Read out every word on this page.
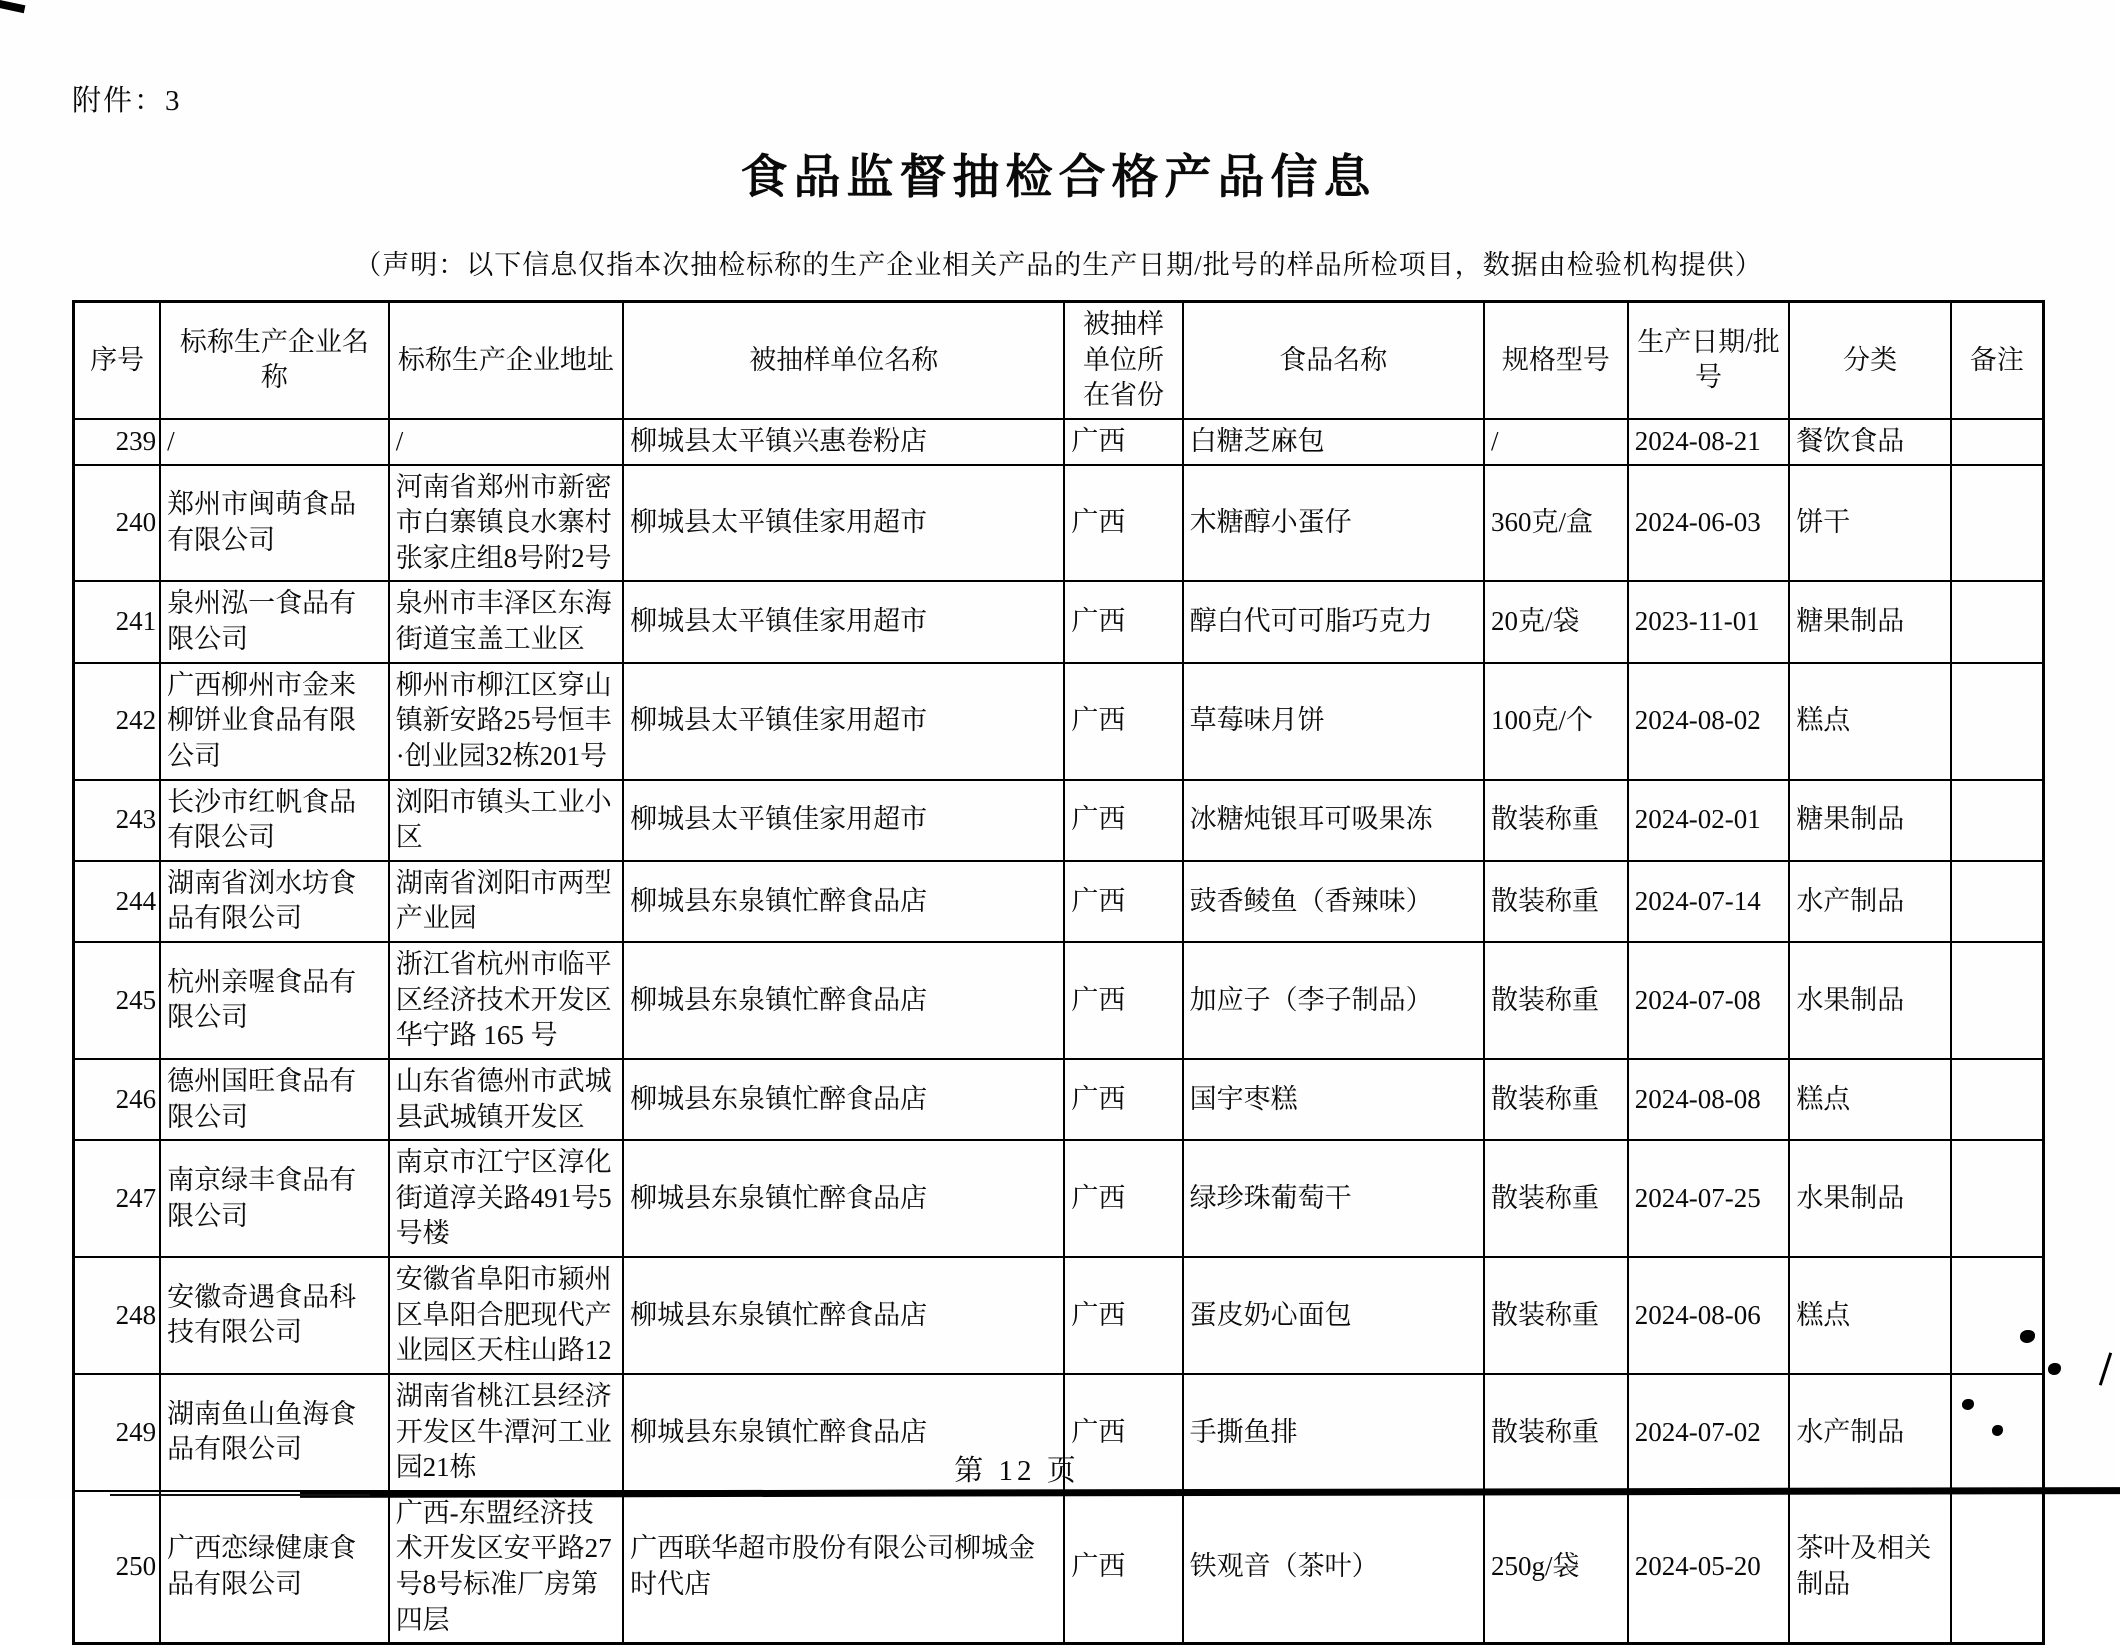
附件：3
食品监督抽检合格产品信息
（声明：以下信息仅指本次抽检标称的生产企业相关产品的生产日期/批号的样品所检项目，数据由检验机构提供）
序号	标称生产企业名称	标称生产企业地址	被抽样单位名称	被抽样单位所在省份	食品名称	规格型号	生产日期/批号	分类	备注
239	/	/	柳城县太平镇兴惠卷粉店	广西	白糖芝麻包	/	2024-08-21	餐饮食品	
240	郑州市闽萌食品有限公司	河南省郑州市新密市白寨镇良水寨村张家庄组8号附2号	柳城县太平镇佳家用超市	广西	木糖醇小蛋仔	360克/盒	2024-06-03	饼干	
241	泉州泓一食品有限公司	泉州市丰泽区东海街道宝盖工业区	柳城县太平镇佳家用超市	广西	醇白代可可脂巧克力	20克/袋	2023-11-01	糖果制品	
242	广西柳州市金来柳饼业食品有限公司	柳州市柳江区穿山镇新安路25号恒丰·创业园32栋201号	柳城县太平镇佳家用超市	广西	草莓味月饼	100克/个	2024-08-02	糕点	
243	长沙市红帆食品有限公司	浏阳市镇头工业小区	柳城县太平镇佳家用超市	广西	冰糖炖银耳可吸果冻	散装称重	2024-02-01	糖果制品	
244	湖南省浏水坊食品有限公司	湖南省浏阳市两型产业园	柳城县东泉镇忙醉食品店	广西	豉香鲮鱼（香辣味）	散装称重	2024-07-14	水产制品	
245	杭州亲喔食品有限公司	浙江省杭州市临平区经济技术开发区华宁路 165 号	柳城县东泉镇忙醉食品店	广西	加应子（李子制品）	散装称重	2024-07-08	水果制品	
246	德州国旺食品有限公司	山东省德州市武城县武城镇开发区	柳城县东泉镇忙醉食品店	广西	国宇枣糕	散装称重	2024-08-08	糕点	
247	南京绿丰食品有限公司	南京市江宁区淳化街道淳关路491号5号楼	柳城县东泉镇忙醉食品店	广西	绿珍珠葡萄干	散装称重	2024-07-25	水果制品	
248	安徽奇遇食品科技有限公司	安徽省阜阳市颍州区阜阳合肥现代产业园区天柱山路12	柳城县东泉镇忙醉食品店	广西	蛋皮奶心面包	散装称重	2024-08-06	糕点	
249	湖南鱼山鱼海食品有限公司	湖南省桃江县经济开发区牛潭河工业园21栋	柳城县东泉镇忙醉食品店	广西	手撕鱼排	散装称重	2024-07-02	水产制品	
250	广西恋绿健康食品有限公司	广西-东盟经济技术开发区安平路27号8号标准厂房第四层	广西联华超市股份有限公司柳城金时代店	广西	铁观音（茶叶）	250g/袋	2024-05-20	茶叶及相关制品	
第 12 页
